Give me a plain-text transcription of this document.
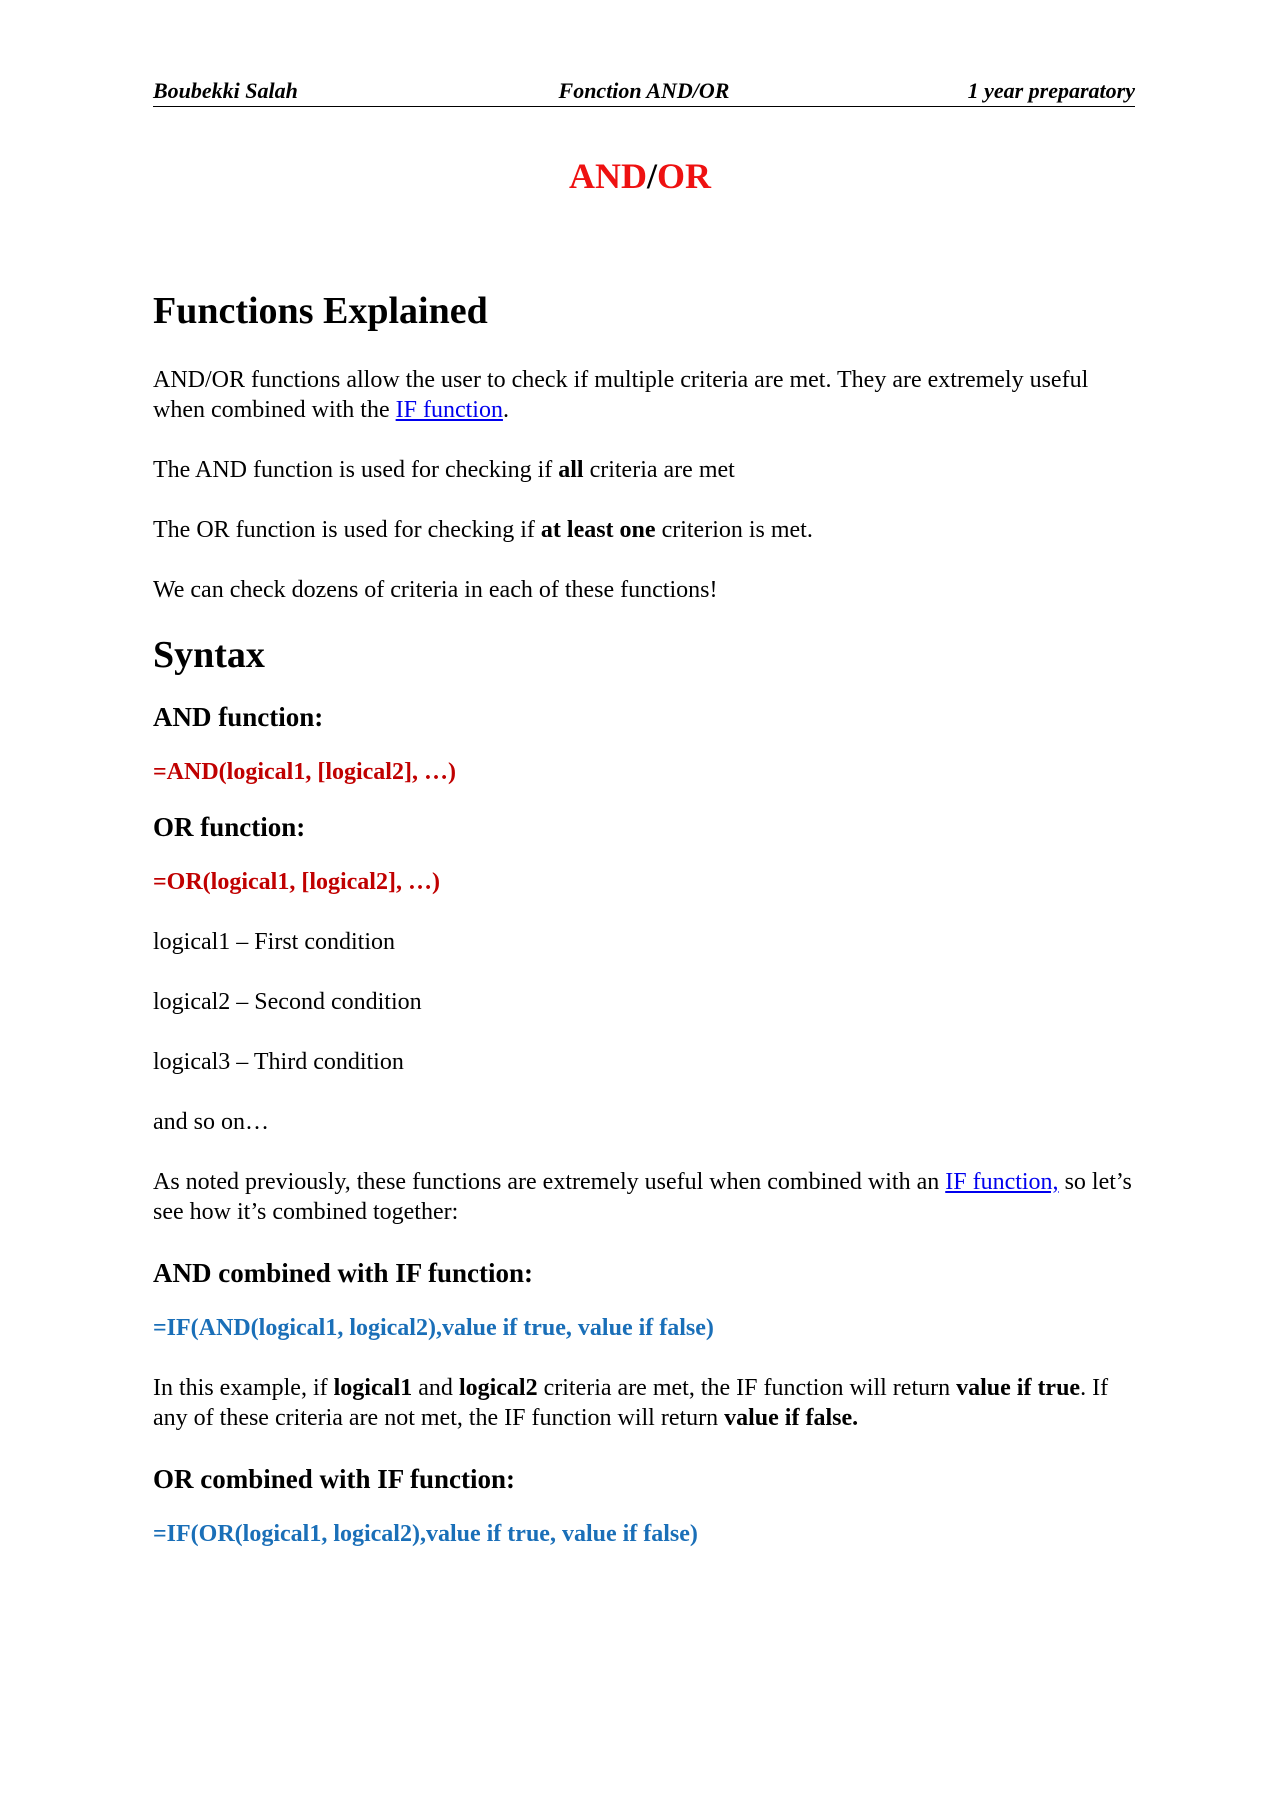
Boubekki Salah	Fonction AND/OR	1 year preparatory
AND/OR
Functions Explained

AND/OR functions allow the user to check if multiple criteria are met. They are extremely useful when combined with the IF function.

The AND function is used for checking if all criteria are met

The OR function is used for checking if at least one criterion is met.

We can check dozens of criteria in each of these functions!

Syntax
AND function:

=AND(logical1, [logical2], …)

OR function:

=OR(logical1, [logical2], …)

logical1 – First condition

logical2 – Second condition

logical3 – Third condition

and so on…

As noted previously, these functions are extremely useful when combined with an IF function, so let’s see how it’s combined together:

AND combined with IF function:

=IF(AND(logical1, logical2),value if true, value if false)

In this example, if logical1 and logical2 criteria are met, the IF function will return value if true. If any of these criteria are not met, the IF function will return value if false.

OR combined with IF function:

=IF(OR(logical1, logical2),value if true, value if false)
